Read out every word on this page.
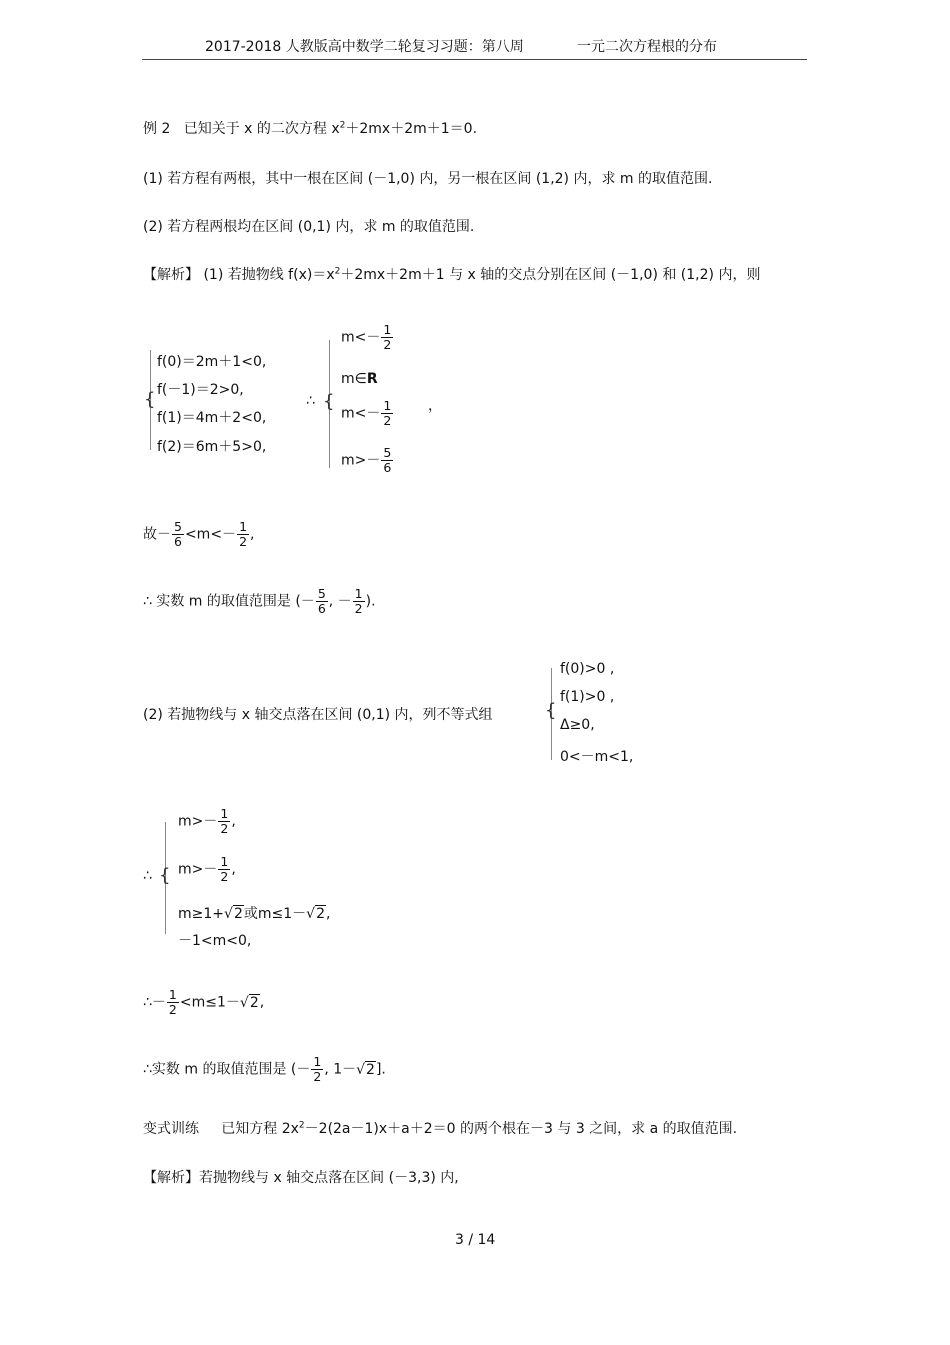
2017-2018 人教版高中数学二轮复习习题：第八周	一元二次方程根的分布
例 2 已知关于 x 的二次方程 $x^2+2mx+2m+1=0$.
(1) 若方程有两根，其中一根在区间 (－1,0) 内，另一根在区间 (1,2) 内，求 m 的取值范围.
(2) 若方程两根均在区间 (0,1) 内，求 m 的取值范围.
【解析】 (1) 若抛物线 $f(x)=x^2+2mx+2m+1$ 与 x 轴的交点分别在区间 (－1,0) 和 (1,2) 内，则
{
f(0)＝2m＋1<0,
f(－1)＝2>0,
f(1)＝4m＋2<0,
f(2)＝6m＋5>0,
∴ {
$m<- \frac{1}{2}$
m∈R
$m<- \frac{1}{2}$
$m>- \frac{5}{6}$
，
故－ $\frac{5}{6} <m<- \frac{1}{2}$ ,
∴ 实数 m 的取值范围是 (－ $\frac{5}{6}$ , － $\frac{1}{2}$ ).
(2) 若抛物线与 x 轴交点落在区间 (0,1) 内，列不等式组	{
f(0)>0 ,
f(1)>0 ,
Δ≥0,
0<－m<1,
∴ {
$m>- \frac{1}{2}$ ,
$m>- \frac{1}{2}$ ,
m≥1+√2或m≤1－√2,
－1<m<0,
∴－ $\frac{1}{2} <m\le 1-√2$,
∴实数 m 的取值范围是 (－ $\frac{1}{2}$ , 1－√2].
变式训练 已知方程 $2x^2-2(2a-1)x+a+2=0$ 的两个根在－3 与 3 之间，求 a 的取值范围.
【解析】若抛物线与 x 轴交点落在区间 (－3,3) 内,
3 / 14
